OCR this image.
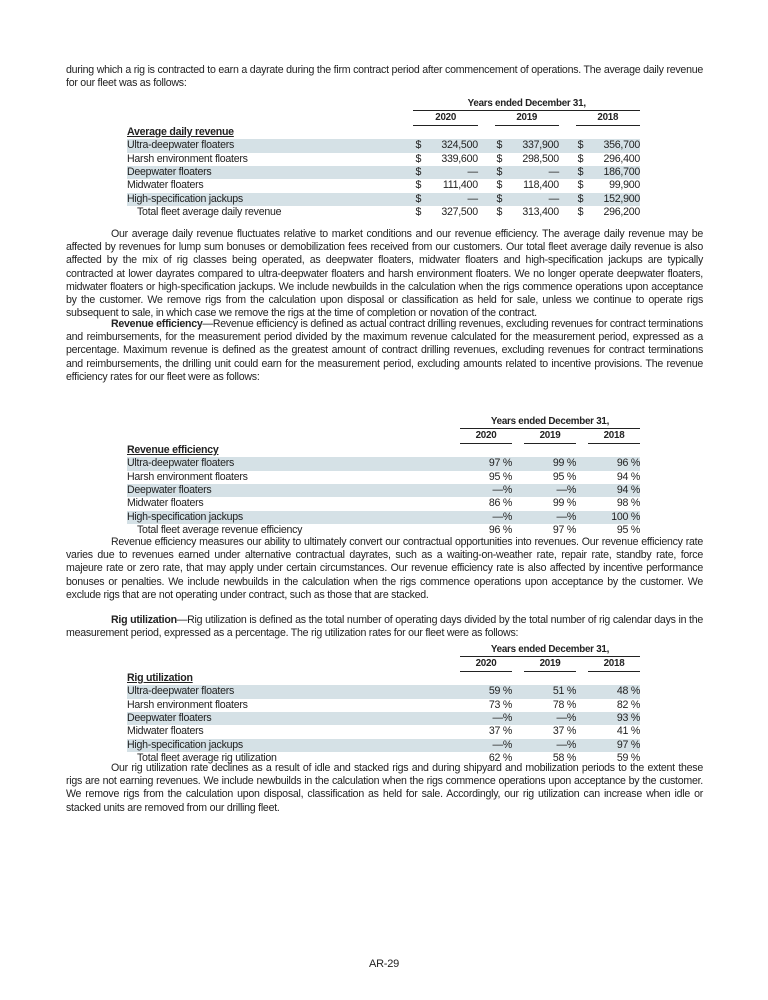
during which a rig is contracted to earn a dayrate during the firm contract period after commencement of operations. The average daily revenue for our fleet was as follows:

	Years ended December 31,							
	2020			2019			2018	
Average daily revenue								
Ultra-deepwater floaters	$	324,500		$	337,900		$	356,700
Harsh environment floaters	$	339,600		$	298,500		$	296,400
Deepwater floaters	$	—		$	—		$	186,700
Midwater floaters	$	111,400		$	118,400		$	99,900
High-specification jackups	$	—		$	—		$	152,900
Total fleet average daily revenue	$	327,500		$	313,400		$	296,200

Our average daily revenue fluctuates relative to market conditions and our revenue efficiency. The average daily revenue may be affected by revenues for lump sum bonuses or demobilization fees received from our customers. Our total fleet average daily revenue is also affected by the mix of rig classes being operated, as deepwater floaters, midwater floaters and high-specification jackups are typically contracted at lower dayrates compared to ultra-deepwater floaters and harsh environment floaters. We no longer operate deepwater floaters, midwater floaters or high-specification jackups. We include newbuilds in the calculation when the rigs commence operations upon acceptance by the customer. We remove rigs from the calculation upon disposal or classification as held for sale, unless we continue to operate rigs subsequent to sale, in which case we remove the rigs at the time of completion or novation of the contract.

Revenue efficiency—Revenue efficiency is defined as actual contract drilling revenues, excluding revenues for contract terminations and reimbursements, for the measurement period divided by the maximum revenue calculated for the measurement period, expressed as a percentage. Maximum revenue is defined as the greatest amount of contract drilling revenues, excluding revenues for contract terminations and reimbursements, the drilling unit could earn for the measurement period, excluding amounts related to incentive provisions. The revenue efficiency rates for our fleet were as follows:

	Years ended December 31,				
	2020		2019		2018
Revenue efficiency					
Ultra-deepwater floaters	97 %		99 %		96 %
Harsh environment floaters	95 %		95 %		94 %
Deepwater floaters	—%		—%		94 %
Midwater floaters	86 %		99 %		98 %
High-specification jackups	—%		—%		100 %
Total fleet average revenue efficiency	96 %		97 %		95 %

Revenue efficiency measures our ability to ultimately convert our contractual opportunities into revenues. Our revenue efficiency rate varies due to revenues earned under alternative contractual dayrates, such as a waiting-on-weather rate, repair rate, standby rate, force majeure rate or zero rate, that may apply under certain circumstances. Our revenue efficiency rate is also affected by incentive performance bonuses or penalties. We include newbuilds in the calculation when the rigs commence operations upon acceptance by the customer. We exclude rigs that are not operating under contract, such as those that are stacked.

Rig utilization—Rig utilization is defined as the total number of operating days divided by the total number of rig calendar days in the measurement period, expressed as a percentage. The rig utilization rates for our fleet were as follows:

	Years ended December 31,				
	2020		2019		2018
Rig utilization					
Ultra-deepwater floaters	59 %		51 %		48 %
Harsh environment floaters	73 %		78 %		82 %
Deepwater floaters	—%		—%		93 %
Midwater floaters	37 %		37 %		41 %
High-specification jackups	—%		—%		97 %
Total fleet average rig utilization	62 %		58 %		59 %

Our rig utilization rate declines as a result of idle and stacked rigs and during shipyard and mobilization periods to the extent these rigs are not earning revenues. We include newbuilds in the calculation when the rigs commence operations upon acceptance by the customer. We remove rigs from the calculation upon disposal, classification as held for sale. Accordingly, our rig utilization can increase when idle or stacked units are removed from our drilling fleet.

AR-29
